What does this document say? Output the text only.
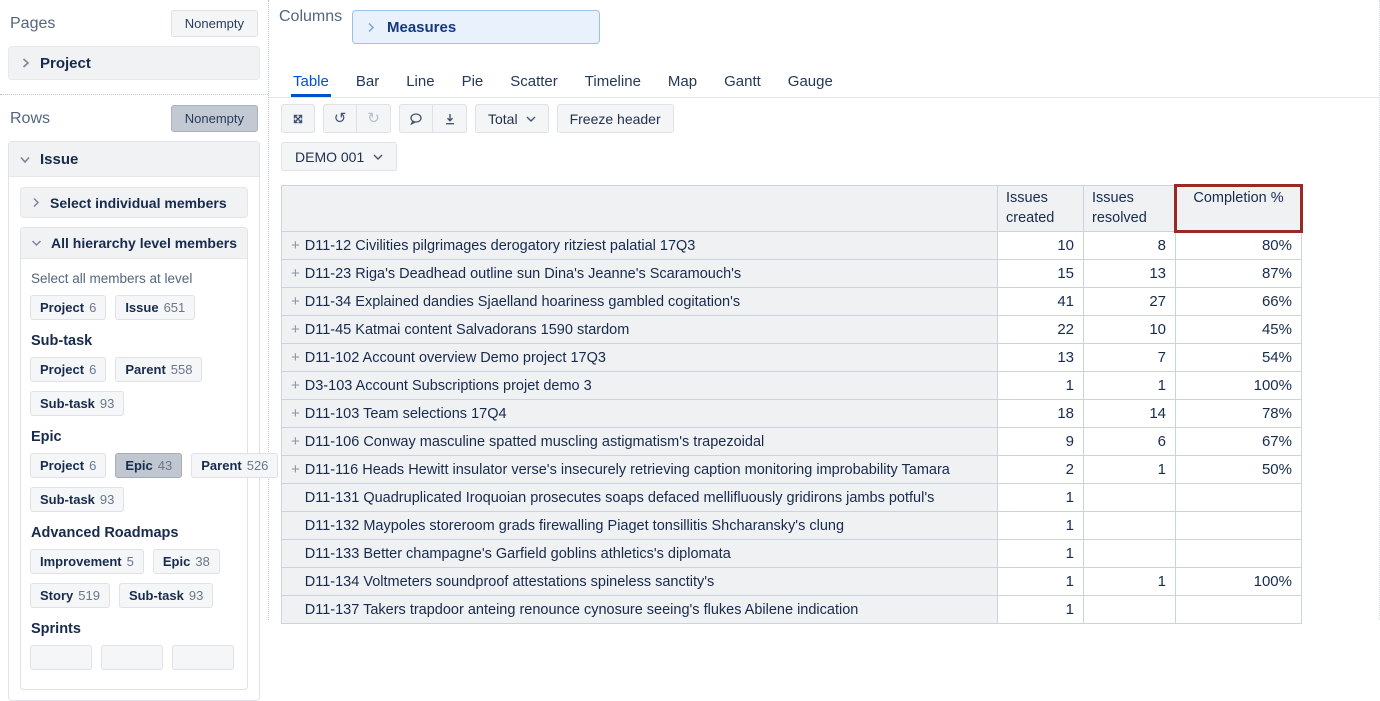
Pages	Nonempty
Project
Rows	Nonempty
Issue
Select individual members
All hierarchy level members
Select all members at level
Project 6 Issue 651
Sub-task
Project 6 Parent 558
Sub-task 93
Epic
Project 6 Epic 43 Parent 526
Sub-task 93
Advanced Roadmaps
Improvement 5 Epic 38
Story 519 Sub-task 93
Sprints
Columns
Measures
Table Bar Line Pie Scatter Timeline Map Gantt Gauge
↺ ↻	Total	Freeze header
DEMO 001
	Issues created	Issues resolved	Completion %

+ D11-12 Civilities pilgrimages derogatory ritziest palatial 17Q3	10	8	80%
+ D11-23 Riga's Deadhead outline sun Dina's Jeanne's Scaramouch's	15	13	87%
+ D11-34 Explained dandies Sjaelland hoariness gambled cogitation's	41	27	66%
+ D11-45 Katmai content Salvadorans 1590 stardom	22	10	45%
+ D11-102 Account overview Demo project 17Q3	13	7	54%
+ D3-103 Account Subscriptions projet demo 3	1	1	100%
+ D11-103 Team selections 17Q4	18	14	78%
+ D11-106 Conway masculine spatted muscling astigmatism's trapezoidal	9	6	67%
+ D11-116 Heads Hewitt insulator verse's insecurely retrieving caption monitoring improbability Tamara	2	1	50%
D11-131 Quadruplicated Iroquoian prosecutes soaps defaced mellifluously gridirons jambs potful's	1		
D11-132 Maypoles storeroom grads firewalling Piaget tonsillitis Shcharansky's clung	1		
D11-133 Better champagne's Garfield goblins athletics's diplomata	1		
D11-134 Voltmeters soundproof attestations spineless sanctity's	1	1	100%
D11-137 Takers trapdoor anteing renounce cynosure seeing's flukes Abilene indication	1		
